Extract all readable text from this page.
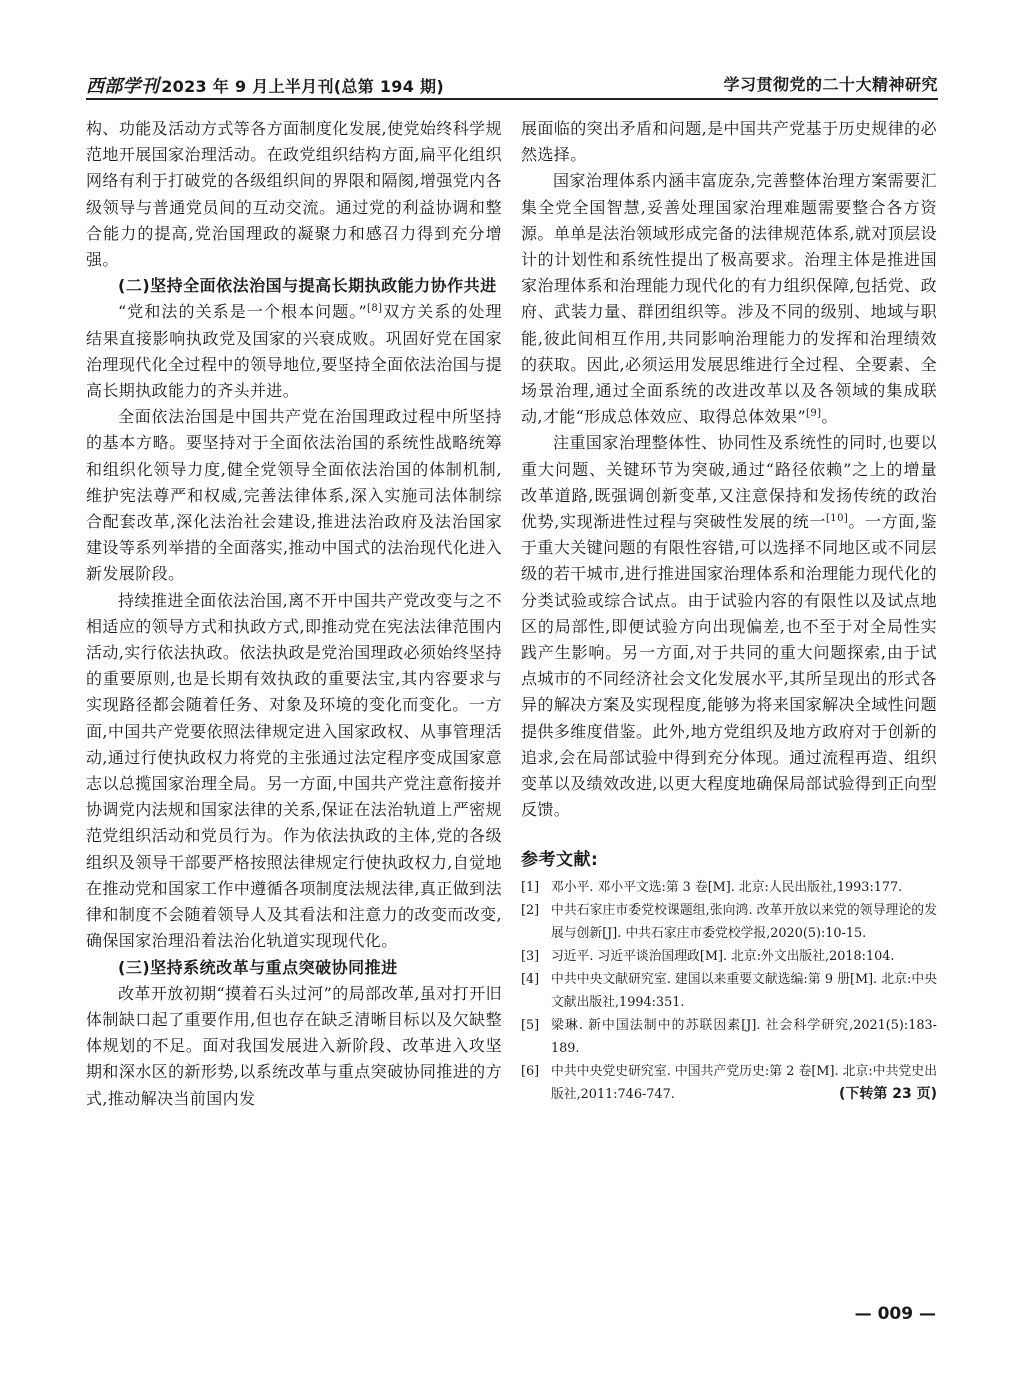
西部学刊 2023 年 9 月上半月刊(总第 194 期)	学习贯彻党的二十大精神研究

构、功能及活动方式等各方面制度化发展,使党始终科学规范地开展国家治理活动。在政党组织结构方面,扁平化组织网络有利于打破党的各级组织间的界限和隔阂,增强党内各级领导与普通党员间的互动交流。通过党的利益协调和整合能力的提高,党治国理政的凝聚力和感召力得到充分增强。

(二)坚持全面依法治国与提高长期执政能力协作共进

“党和法的关系是一个根本问题。”[8]双方关系的处理结果直接影响执政党及国家的兴衰成败。巩固好党在国家治理现代化全过程中的领导地位,要坚持全面依法治国与提高长期执政能力的齐头并进。

全面依法治国是中国共产党在治国理政过程中所坚持的基本方略。要坚持对于全面依法治国的系统性战略统筹和组织化领导力度,健全党领导全面依法治国的体制机制,维护宪法尊严和权威,完善法律体系,深入实施司法体制综合配套改革,深化法治社会建设,推进法治政府及法治国家建设等系列举措的全面落实,推动中国式的法治现代化进入新发展阶段。

持续推进全面依法治国,离不开中国共产党改变与之不相适应的领导方式和执政方式,即推动党在宪法法律范围内活动,实行依法执政。依法执政是党治国理政必须始终坚持的重要原则,也是长期有效执政的重要法宝,其内容要求与实现路径都会随着任务、对象及环境的变化而变化。一方面,中国共产党要依照法律规定进入国家政权、从事管理活动,通过行使执政权力将党的主张通过法定程序变成国家意志以总揽国家治理全局。另一方面,中国共产党注意衔接并协调党内法规和国家法律的关系,保证在法治轨道上严密规范党组织活动和党员行为。作为依法执政的主体,党的各级组织及领导干部要严格按照法律规定行使执政权力,自觉地在推动党和国家工作中遵循各项制度法规法律,真正做到法律和制度不会随着领导人及其看法和注意力的改变而改变,确保国家治理沿着法治化轨道实现现代化。

(三)坚持系统改革与重点突破协同推进

改革开放初期“摸着石头过河”的局部改革,虽对打开旧体制缺口起了重要作用,但也存在缺乏清晰目标以及欠缺整体规划的不足。面对我国发展进入新阶段、改革进入攻坚期和深水区的新形势,以系统改革与重点突破协同推进的方式,推动解决当前国内发

展面临的突出矛盾和问题,是中国共产党基于历史规律的必然选择。

国家治理体系内涵丰富庞杂,完善整体治理方案需要汇集全党全国智慧,妥善处理国家治理难题需要整合各方资源。单单是法治领域形成完备的法律规范体系,就对顶层设计的计划性和系统性提出了极高要求。治理主体是推进国家治理体系和治理能力现代化的有力组织保障,包括党、政府、武装力量、群团组织等。涉及不同的级别、地域与职能,彼此间相互作用,共同影响治理能力的发挥和治理绩效的获取。因此,必须运用发展思维进行全过程、全要素、全场景治理,通过全面系统的改进改革以及各领域的集成联动,才能“形成总体效应、取得总体效果”[9]。

注重国家治理整体性、协同性及系统性的同时,也要以重大问题、关键环节为突破,通过“路径依赖”之上的增量改革道路,既强调创新变革,又注意保持和发扬传统的政治优势,实现渐进性过程与突破性发展的统一[10]。一方面,鉴于重大关键问题的有限性容错,可以选择不同地区或不同层级的若干城市,进行推进国家治理体系和治理能力现代化的分类试验或综合试点。由于试验内容的有限性以及试点地区的局部性,即便试验方向出现偏差,也不至于对全局性实践产生影响。另一方面,对于共同的重大问题探索,由于试点城市的不同经济社会文化发展水平,其所呈现出的形式各异的解决方案及实现程度,能够为将来国家解决全域性问题提供多维度借鉴。此外,地方党组织及地方政府对于创新的追求,会在局部试验中得到充分体现。通过流程再造、组织变革以及绩效改进,以更大程度地确保局部试验得到正向型反馈。

参考文献:

[1] 邓小平. 邓小平文选:第 3 卷[M]. 北京:人民出版社,1993:177.

[2] 中共石家庄市委党校课题组,张向鸿. 改革开放以来党的领导理论的发展与创新[J]. 中共石家庄市委党校学报,2020(5):10-15.

[3] 习近平. 习近平谈治国理政[M]. 北京:外文出版社,2018:104.

[4] 中共中央文献研究室. 建国以来重要文献选编:第 9 册[M]. 北京:中央文献出版社,1994:351.

[5] 梁琳. 新中国法制中的苏联因素[J]. 社会科学研究,2021(5):183-189.

[6] 中共中央党史研究室. 中国共产党历史:第 2 卷[M]. 北京:中共党史出版社,2011:746-747.	(下转第 23 页)

— 009 —
